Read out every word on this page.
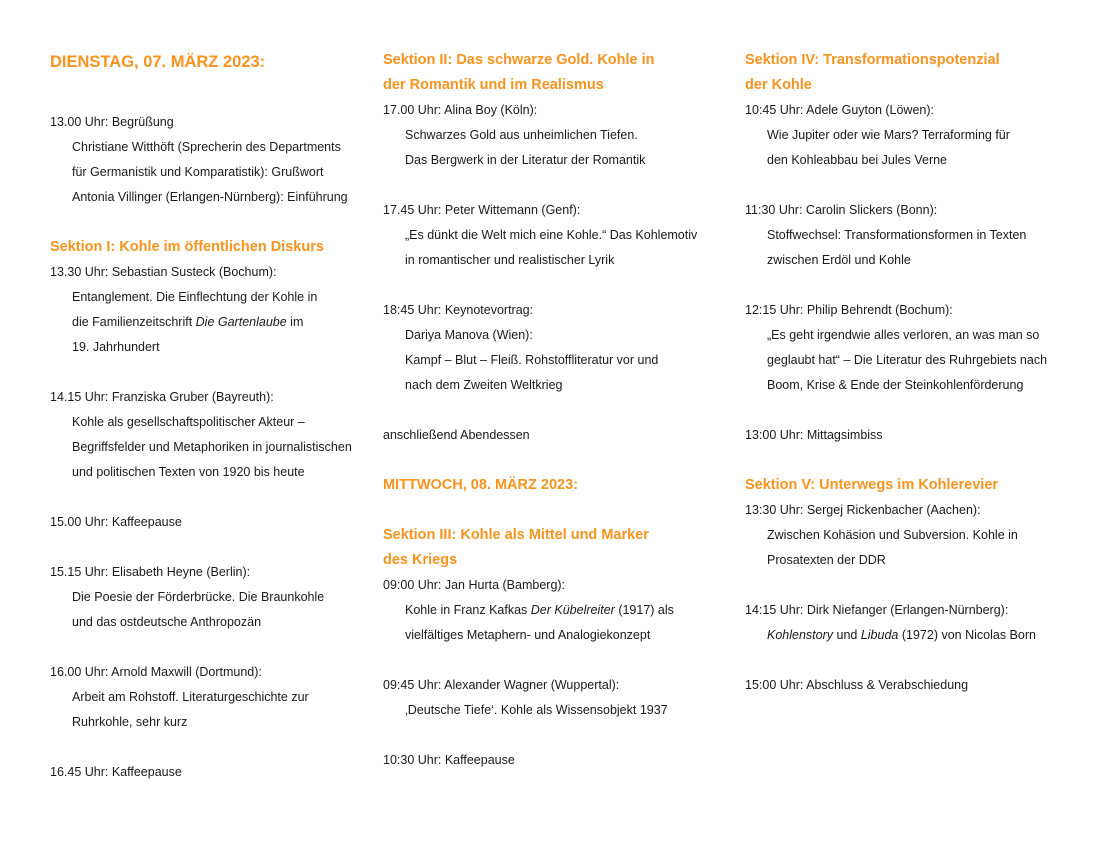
DIENSTAG, 07. MÄRZ 2023:
13.00 Uhr: Begrüßung
Christiane Witthöft (Sprecherin des Departments
für Germanistik und Komparatistik): Grußwort
Antonia Villinger (Erlangen-Nürnberg): Einführung
Sektion I: Kohle im öffentlichen Diskurs
13.30 Uhr: Sebastian Susteck (Bochum):
Entanglement. Die Einflechtung der Kohle in
die Familienzeitschrift Die Gartenlaube im
19. Jahrhundert
14.15 Uhr: Franziska Gruber (Bayreuth):
Kohle als gesellschaftspolitischer Akteur –
Begriffsfelder und Metaphoriken in journalistischen
und politischen Texten von 1920 bis heute
15.00 Uhr: Kaffeepause
15.15 Uhr: Elisabeth Heyne (Berlin):
Die Poesie der Förderbrücke. Die Braunkohle
und das ostdeutsche Anthropozän
16.00 Uhr: Arnold Maxwill (Dortmund):
Arbeit am Rohstoff. Literaturgeschichte zur
Ruhrkohle, sehr kurz
16.45 Uhr: Kaffeepause
Sektion II: Das schwarze Gold. Kohle in
der Romantik und im Realismus
17.00 Uhr: Alina Boy (Köln):
Schwarzes Gold aus unheimlichen Tiefen.
Das Bergwerk in der Literatur der Romantik
17.45 Uhr: Peter Wittemann (Genf):
„Es dünkt die Welt mich eine Kohle.“ Das Kohlemotiv
in romantischer und realistischer Lyrik
18:45 Uhr: Keynotevortrag:
Dariya Manova (Wien):
Kampf – Blut – Fleiß. Rohstoffliteratur vor und
nach dem Zweiten Weltkrieg
anschließend Abendessen
MITTWOCH, 08. MÄRZ 2023:
Sektion III: Kohle als Mittel und Marker
des Kriegs
09:00 Uhr: Jan Hurta (Bamberg):
Kohle in Franz Kafkas Der Kübelreiter (1917) als
vielfältiges Metaphern- und Analogiekonzept
09:45 Uhr: Alexander Wagner (Wuppertal):
‚Deutsche Tiefe‘. Kohle als Wissensobjekt 1937
10:30 Uhr: Kaffeepause
Sektion IV: Transformationspotenzial
der Kohle
10:45 Uhr: Adele Guyton (Löwen):
Wie Jupiter oder wie Mars? Terraforming für
den Kohleabbau bei Jules Verne
11:30 Uhr: Carolin Slickers (Bonn):
Stoffwechsel: Transformationsformen in Texten
zwischen Erdöl und Kohle
12:15 Uhr: Philip Behrendt (Bochum):
„Es geht irgendwie alles verloren, an was man so
geglaubt hat“ – Die Literatur des Ruhrgebiets nach
Boom, Krise & Ende der Steinkohlenförderung
13:00 Uhr: Mittagsimbiss
Sektion V: Unterwegs im Kohlerevier
13:30 Uhr: Sergej Rickenbacher (Aachen):
Zwischen Kohäsion und Subversion. Kohle in
Prosatexten der DDR
14:15 Uhr: Dirk Niefanger (Erlangen-Nürnberg):
Kohlenstory und Libuda (1972) von Nicolas Born
15:00 Uhr: Abschluss & Verabschiedung
